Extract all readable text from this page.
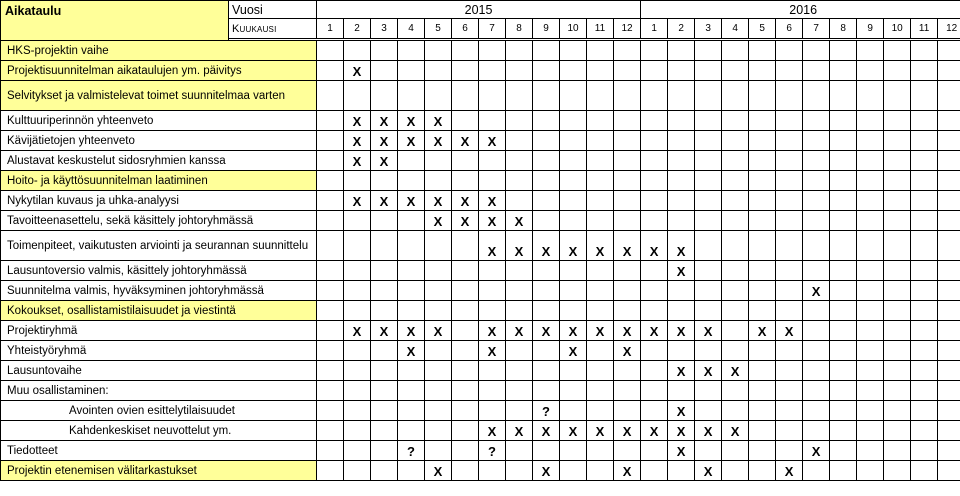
Aikataulu	Vuosi	2015												2016											
	Kuukausi	1	2	3	4	5	6	7	8	9	10	11	12	1	2	3	4	5	6	7	8	9	10	11	12

HKS-projektin vaihe																									
Projektisuunnitelman aikataulujen ym. päivitys			X																						
Selvitykset ja valmistelevat toimet suunnitelmaa varten																									
Kulttuuriperinnön yhteenveto			X	X	X	X																			
Kävijätietojen yhteenveto			X	X	X	X	X	X																	
Alustavat keskustelut sidosryhmien kanssa			X	X																					
Hoito- ja käyttösuunnitelman laatiminen																									
Nykytilan kuvaus ja uhka-analyysi			X	X	X	X	X	X																	
Tavoitteenasettelu, sekä käsittely johtoryhmässä						X	X	X	X																
Toimenpiteet, vaikutusten arviointi ja seurannan suunnittelu								X	X	X	X	X	X	X	X										
Lausuntoversio valmis, käsittely johtoryhmässä															X										
Suunnitelma valmis, hyväksyminen johtoryhmässä																				X					
Kokoukset, osallistamistilaisuudet ja viestintä																									
Projektiryhmä			X	X	X	X		X	X	X	X	X	X	X	X	X		X	X						
Yhteistyöryhmä					X			X			X		X												
Lausuntovaihe															X	X	X								
Muu osallistaminen:																									
Avointen ovien esittelytilaisuudet										?					X										
Kahdenkeskiset neuvottelut ym.								X	X	X	X	X	X	X	X	X	X								
Tiedotteet					?			?							X					X					
Projektin etenemisen välitarkastukset						X				X			X			X			X						
